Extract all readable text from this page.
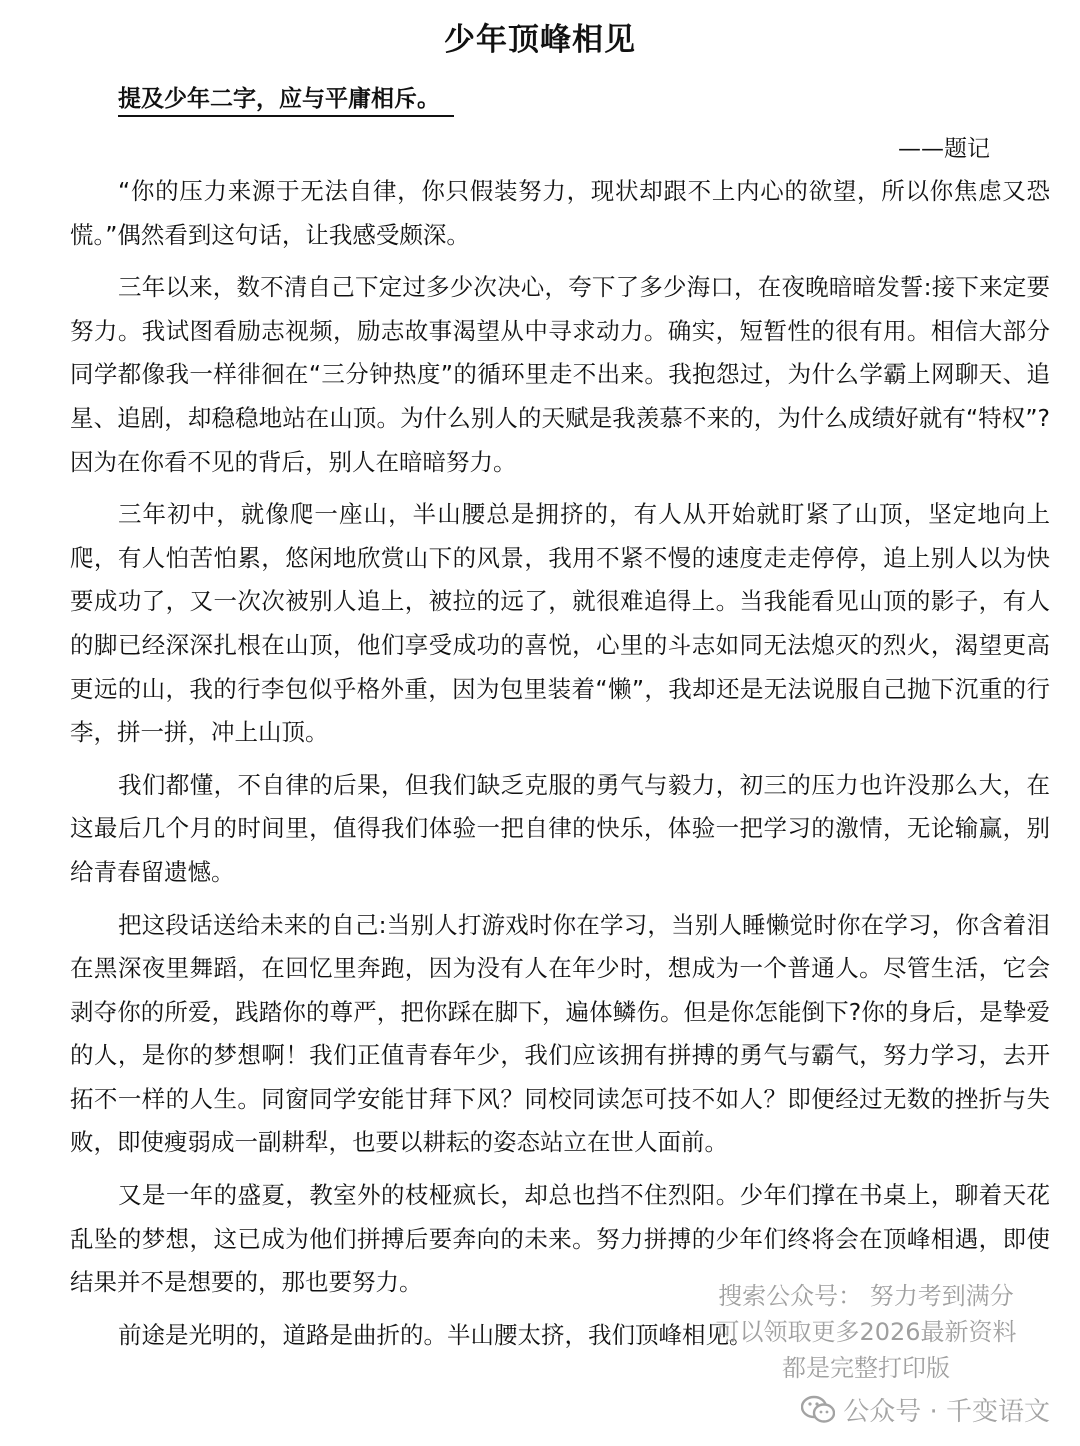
少年顶峰相见
提及少年二字，应与平庸相斥。
——题记

“你的压力来源于无法自律，你只假装努力，现状却跟不上内心的欲望，所以你焦虑又恐慌。”偶然看到这句话，让我感受颇深。

三年以来，数不清自己下定过多少次决心，夸下了多少海口，在夜晚暗暗发誓:接下来定要努力。我试图看励志视频，励志故事渴望从中寻求动力。确实，短暂性的很有用。相信大部分同学都像我一样徘徊在“三分钟热度”的循环里走不出来。我抱怨过，为什么学霸上网聊天、追星、追剧，却稳稳地站在山顶。为什么别人的天赋是我羡慕不来的，为什么成绩好就有“特权”?因为在你看不见的背后，别人在暗暗努力。

三年初中，就像爬一座山，半山腰总是拥挤的，有人从开始就盯紧了山顶，坚定地向上爬，有人怕苦怕累，悠闲地欣赏山下的风景，我用不紧不慢的速度走走停停，追上别人以为快要成功了，又一次次被别人追上，被拉的远了，就很难追得上。当我能看见山顶的影子，有人的脚已经深深扎根在山顶，他们享受成功的喜悦，心里的斗志如同无法熄灭的烈火，渴望更高更远的山，我的行李包似乎格外重，因为包里装着“懒”，我却还是无法说服自己抛下沉重的行李，拼一拼，冲上山顶。

我们都懂，不自律的后果，但我们缺乏克服的勇气与毅力，初三的压力也许没那么大，在这最后几个月的时间里，值得我们体验一把自律的快乐，体验一把学习的激情，无论输赢，别给青春留遗憾。

把这段话送给未来的自己:当别人打游戏时你在学习，当别人睡懒觉时你在学习，你含着泪在黑深夜里舞蹈，在回忆里奔跑，因为没有人在年少时，想成为一个普通人。尽管生活，它会剥夺你的所爱，践踏你的尊严，把你踩在脚下，遍体鳞伤。但是你怎能倒下?你的身后，是挚爱的人，是你的梦想啊！我们正值青春年少，我们应该拥有拼搏的勇气与霸气，努力学习，去开拓不一样的人生。同窗同学安能甘拜下风？同校同读怎可技不如人？即便经过无数的挫折与失败，即使瘦弱成一副耕犁，也要以耕耘的姿态站立在世人面前。

又是一年的盛夏，教室外的枝桠疯长，却总也挡不住烈阳。少年们撑在书桌上，聊着天花乱坠的梦想，这已成为他们拼搏后要奔向的未来。努力拼搏的少年们终将会在顶峰相遇，即使结果并不是想要的，那也要努力。

前途是光明的，道路是曲折的。半山腰太挤，我们顶峰相见。

搜索公众号： 努力考到满分
可以领取更多2026最新资料
都是完整打印版
公众号 · 千变语文
